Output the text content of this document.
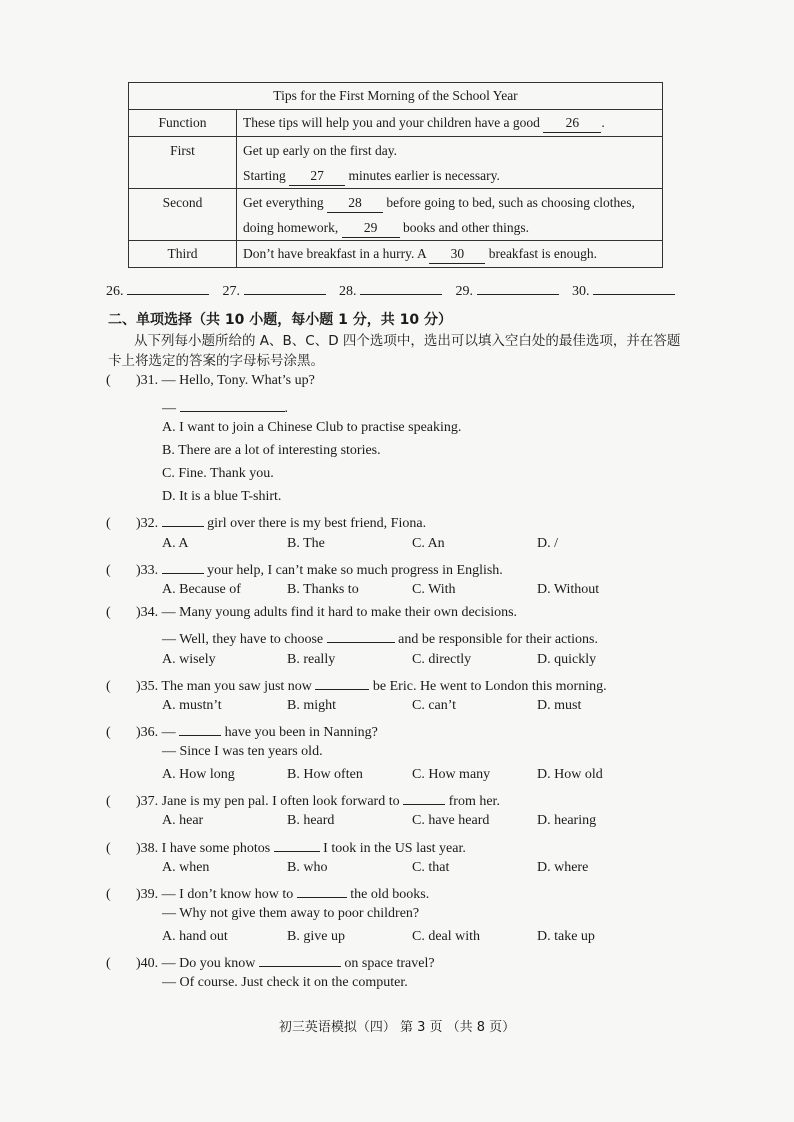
Tips for the First Morning of the School Year	
Function	These tips will help you and your children have a good 26 .
First	Get up early on the first day.
Starting 27 minutes earlier is necessary.

Second	Get everything 28 before going to bed, such as choosing clothes,
doing homework, 29 books and other things.

Third	Don’t have breakfast in a hurry. A 30 breakfast is enough.
26.	27.	28.	29.	30.
二、单项选择（共 10 小题，每小题 1 分，共 10 分）
从下列每小题所给的 A、B、C、D 四个选项中，选出可以填入空白处的最佳选项，并在答题卡上将选定的答案的字母标号涂黑。
( )31. — Hello, Tony. What’s up?
—	.
A. I want to join a Chinese Club to practise speaking.
B. There are a lot of interesting stories.
C. Fine. Thank you.
D. It is a blue T-shirt.
( )32.	girl over there is my best friend, Fiona.
A. A	B. The	C. An	D. /
( )33.	your help, I can’t make so much progress in English.
A. Because of	B. Thanks to	C. With	D. Without
( )34. — Many young adults find it hard to make their own decisions.
— Well, they have to choose	and be responsible for their actions.
A. wisely	B. really	C. directly	D. quickly
( )35. The man you saw just now	be Eric. He went to London this morning.
A. mustn’t	B. might	C. can’t	D. must
( )36. —	have you been in Nanning?
— Since I was ten years old.
A. How long	B. How often	C. How many	D. How old
( )37. Jane is my pen pal. I often look forward to	from her.
A. hear	B. heard	C. have heard	D. hearing
( )38. I have some photos	I took in the US last year.
A. when	B. who	C. that	D. where
( )39. — I don’t know how to	the old books.
— Why not give them away to poor children?
A. hand out	B. give up	C. deal with	D. take up
( )40. — Do you know	on space travel?
— Of course. Just check it on the computer.
初三英语模拟（四） 第 3 页 （共 8 页）
